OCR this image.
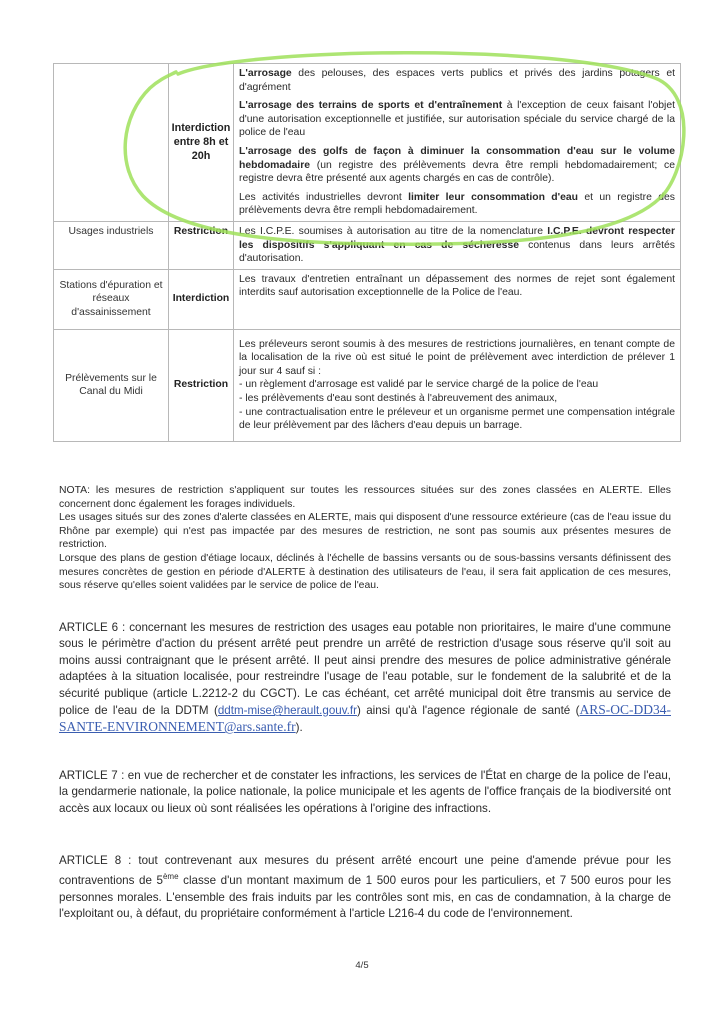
	Interdiction entre 8h et 20h	L'arrosage des pelouses, des espaces verts publics et privés des jardins potagers et d'agrément

L'arrosage des terrains de sports et d'entraînement à l'exception de ceux faisant l'objet d'une autorisation exceptionnelle et justifiée, sur autorisation spéciale du service chargé de la police de l'eau

L'arrosage des golfs de façon à diminuer la consommation d'eau sur le volume hebdomadaire (un registre des prélèvements devra être rempli hebdomadairement; ce registre devra être présenté aux agents chargés en cas de contrôle).

Les activités industrielles devront limiter leur consommation d'eau et un registre des prélèvements devra être rempli hebdomadairement.

Usages industriels	Restriction	Les I.C.P.E. soumises à autorisation au titre de la nomenclature I.C.P.E. devront respecter les dispositifs s'appliquant en cas de sécheresse contenus dans leurs arrêtés d'autorisation.
Stations d'épuration et réseaux d'assainissement	Interdiction	Les travaux d'entretien entraînant un dépassement des normes de rejet sont également interdits sauf autorisation exceptionnelle de la Police de l'eau.
Prélèvements sur le Canal du Midi	Restriction	Les préleveurs seront soumis à des mesures de restrictions journalières, en tenant compte de la localisation de la rive où est situé le point de prélèvement avec interdiction de prélever 1 jour sur 4 sauf si :
- un règlement d'arrosage est validé par le service chargé de la police de l'eau
- les prélèvements d'eau sont destinés à l'abreuvement des animaux,
- une contractualisation entre le préleveur et un organisme permet une compensation intégrale de leur prélèvement par des lâchers d'eau depuis un barrage.

NOTA: les mesures de restriction s'appliquent sur toutes les ressources situées sur des zones classées en ALERTE. Elles concernent donc également les forages individuels.

Les usages situés sur des zones d'alerte classées en ALERTE, mais qui disposent d'une ressource extérieure (cas de l'eau issue du Rhône par exemple) qui n'est pas impactée par des mesures de restriction, ne sont pas soumis aux présentes mesures de restriction.

Lorsque des plans de gestion d'étiage locaux, déclinés à l'échelle de bassins versants ou de sous-bassins versants définissent des mesures concrètes de gestion en période d'ALERTE à destination des utilisateurs de l'eau, il sera fait application de ces mesures, sous réserve qu'elles soient validées par le service de police de l'eau.

ARTICLE 6 : concernant les mesures de restriction des usages eau potable non prioritaires, le maire d'une commune sous le périmètre d'action du présent arrêté peut prendre un arrêté de restriction d'usage sous réserve qu'il soit au moins aussi contraignant que le présent arrêté. Il peut ainsi prendre des mesures de police administrative générale adaptées à la situation localisée, pour restreindre l'usage de l'eau potable, sur le fondement de la salubrité et de la sécurité publique (article L.2212-2 du CGCT). Le cas échéant, cet arrêté municipal doit être transmis au service de police de l'eau de la DDTM (ddtm-mise@herault.gouv.fr) ainsi qu'à l'agence régionale de santé (ARS-OC-DD34-SANTE-ENVIRONNEMENT@ars.sante.fr).

ARTICLE 7 : en vue de rechercher et de constater les infractions, les services de l'État en charge de la police de l'eau, la gendarmerie nationale, la police nationale, la police municipale et les agents de l'office français de la biodiversité ont accès aux locaux ou lieux où sont réalisées les opérations à l'origine des infractions.

ARTICLE 8 : tout contrevenant aux mesures du présent arrêté encourt une peine d'amende prévue pour les contraventions de 5ème classe d'un montant maximum de 1 500 euros pour les particuliers, et 7 500 euros pour les personnes morales. L'ensemble des frais induits par les contrôles sont mis, en cas de condamnation, à la charge de l'exploitant ou, à défaut, du propriétaire conformément à l'article L216-4 du code de l'environnement.

4/5
